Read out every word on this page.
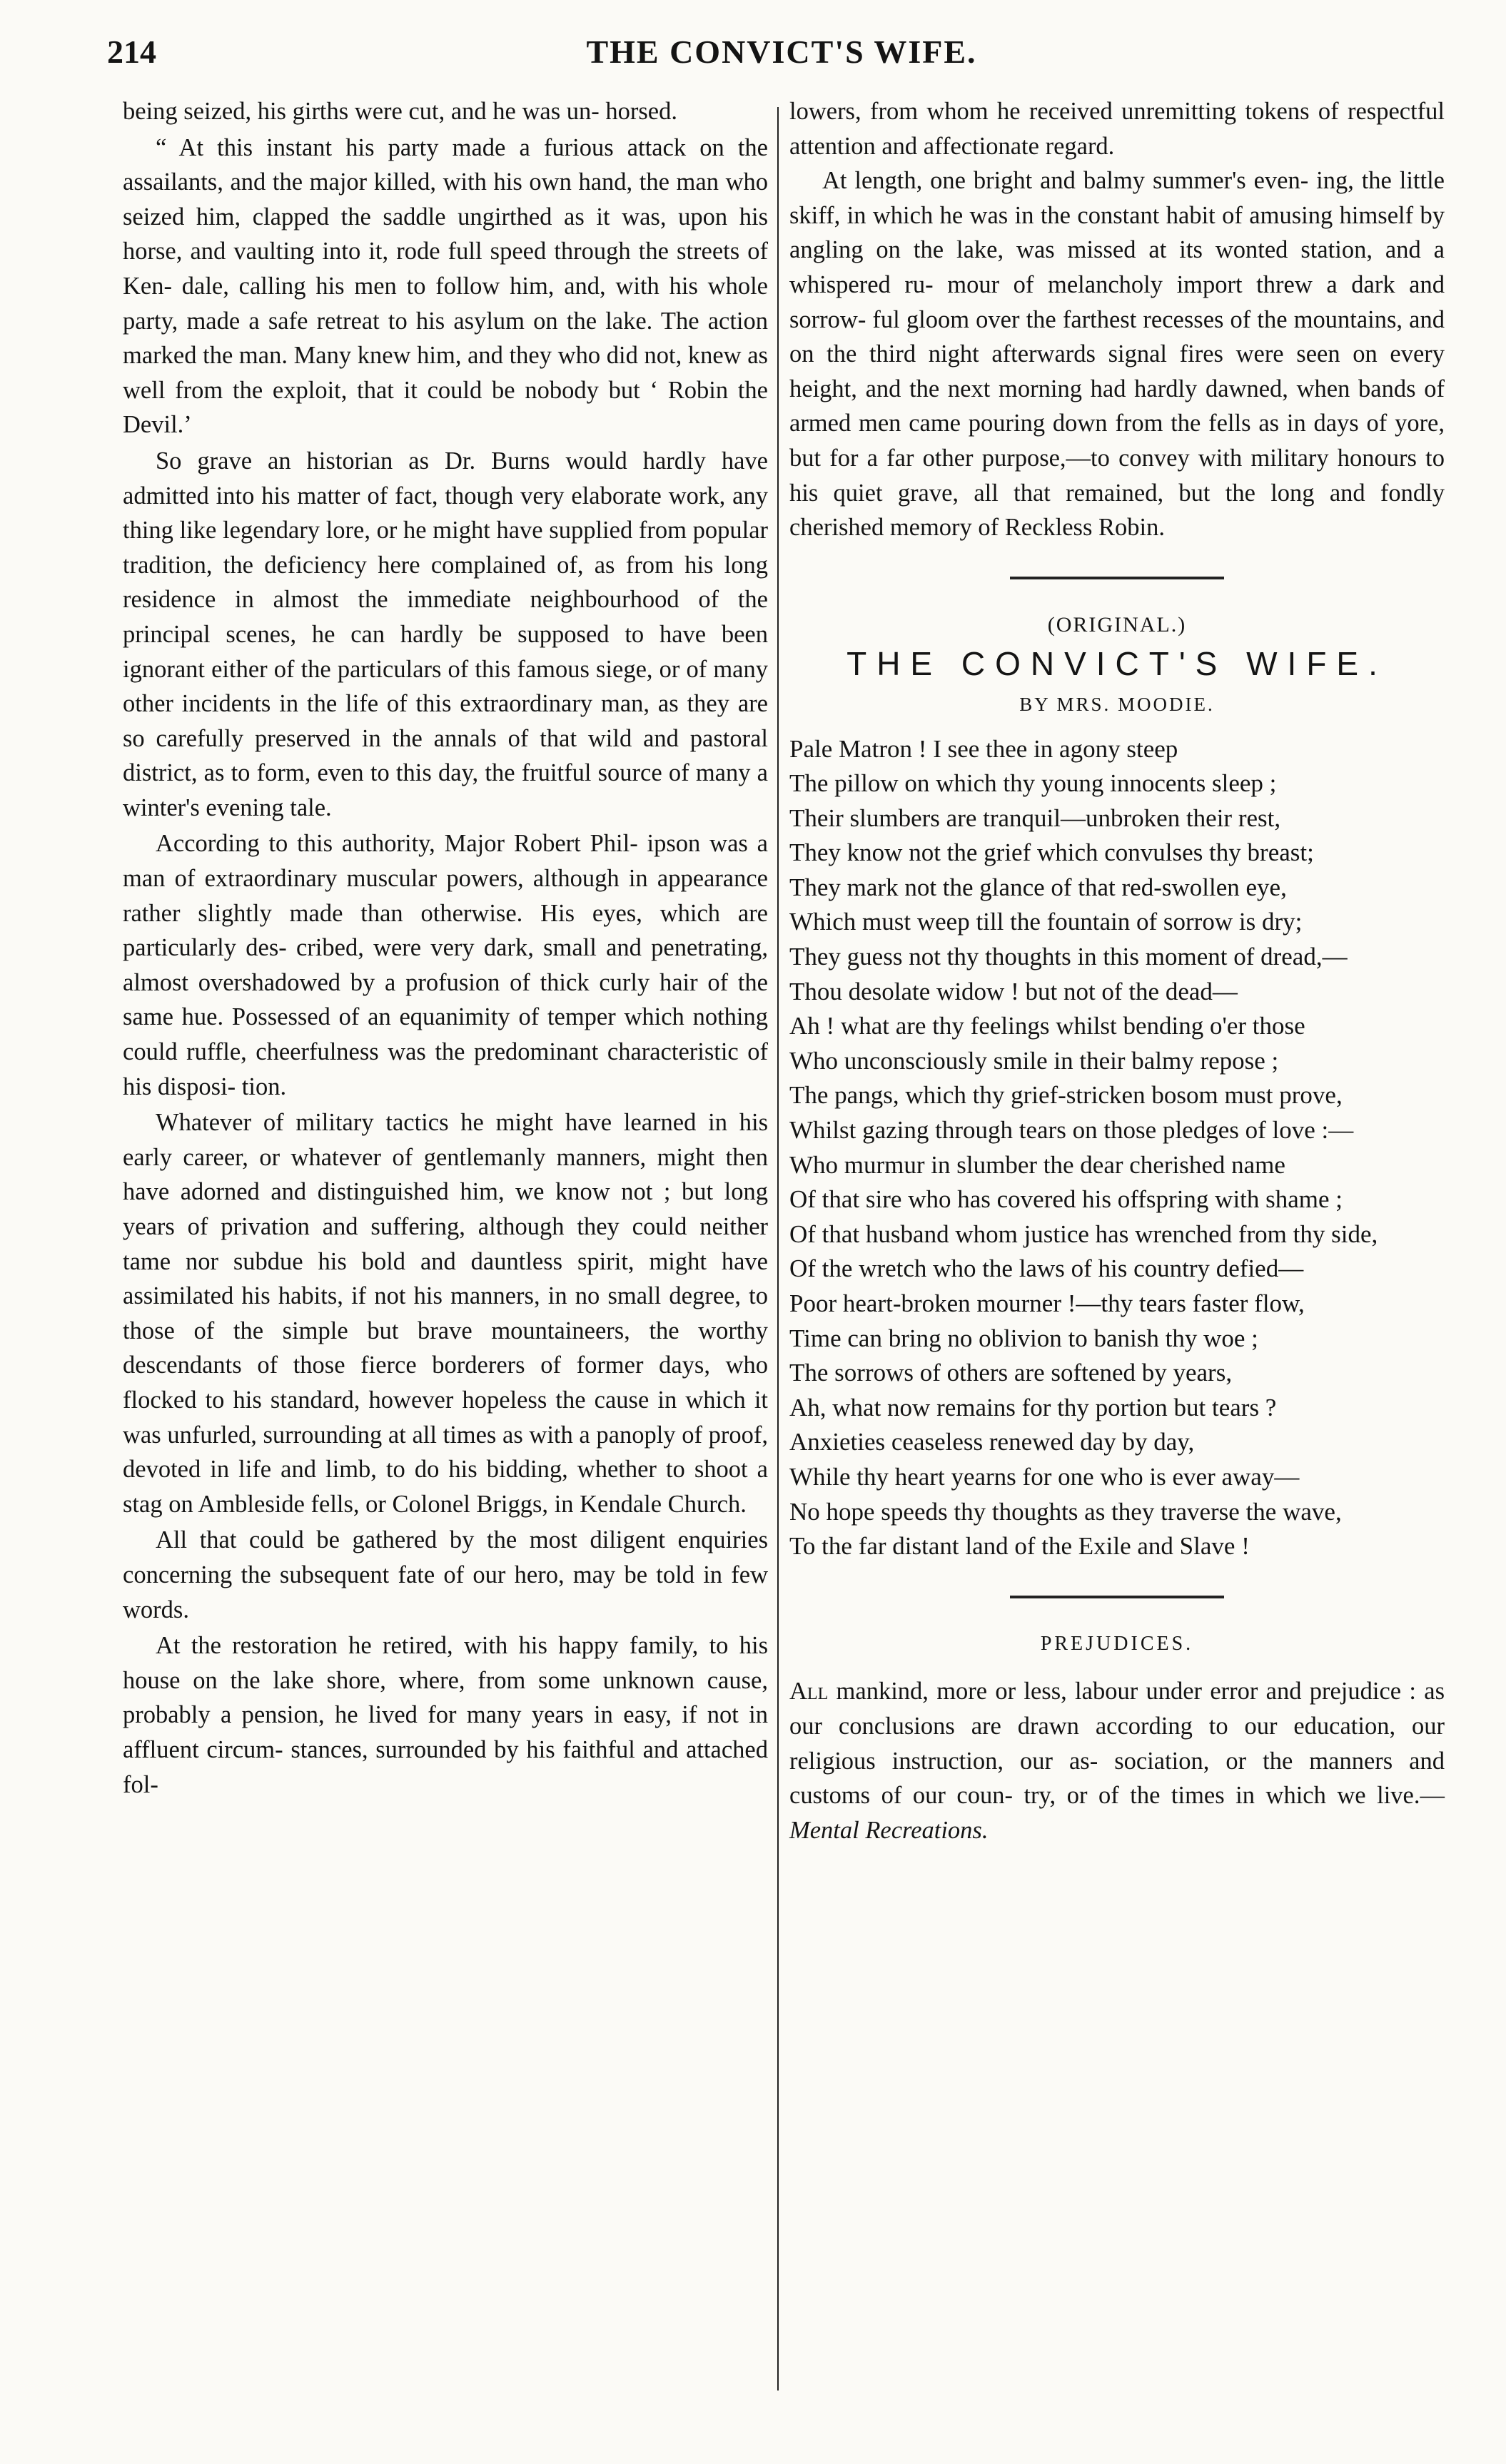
214	THE CONVICT'S WIFE.

being seized, his girths were cut, and he was un- horsed.

“ At this instant his party made a furious attack on the assailants, and the major killed, with his own hand, the man who seized him, clapped the saddle ungirthed as it was, upon his horse, and vaulting into it, rode full speed through the streets of Ken- dale, calling his men to follow him, and, with his whole party, made a safe retreat to his asylum on the lake. The action marked the man. Many knew him, and they who did not, knew as well from the exploit, that it could be nobody but ‘ Robin the Devil.’

So grave an historian as Dr. Burns would hardly have admitted into his matter of fact, though very elaborate work, any thing like legendary lore, or he might have supplied from popular tradition, the deficiency here complained of, as from his long residence in almost the immediate neighbourhood of the principal scenes, he can hardly be supposed to have been ignorant either of the particulars of this famous siege, or of many other incidents in the life of this extraordinary man, as they are so carefully preserved in the annals of that wild and pastoral district, as to form, even to this day, the fruitful source of many a winter's evening tale.

According to this authority, Major Robert Phil- ipson was a man of extraordinary muscular powers, although in appearance rather slightly made than otherwise. His eyes, which are particularly des- cribed, were very dark, small and penetrating, almost overshadowed by a profusion of thick curly hair of the same hue. Possessed of an equanimity of temper which nothing could ruffle, cheerfulness was the predominant characteristic of his disposi- tion.

Whatever of military tactics he might have learned in his early career, or whatever of gentlemanly manners, might then have adorned and distinguished him, we know not ; but long years of privation and suffering, although they could neither tame nor subdue his bold and dauntless spirit, might have assimilated his habits, if not his manners, in no small degree, to those of the simple but brave mountaineers, the worthy descendants of those fierce borderers of former days, who flocked to his standard, however hopeless the cause in which it was unfurled, surrounding at all times as with a panoply of proof, devoted in life and limb, to do his bidding, whether to shoot a stag on Ambleside fells, or Colonel Briggs, in Kendale Church.

All that could be gathered by the most diligent enquiries concerning the subsequent fate of our hero, may be told in few words.

At the restoration he retired, with his happy family, to his house on the lake shore, where, from some unknown cause, probably a pension, he lived for many years in easy, if not in affluent circum- stances, surrounded by his faithful and attached fol-

lowers, from whom he received unremitting tokens of respectful attention and affectionate regard.

At length, one bright and balmy summer's even- ing, the little skiff, in which he was in the constant habit of amusing himself by angling on the lake, was missed at its wonted station, and a whispered ru- mour of melancholy import threw a dark and sorrow- ful gloom over the farthest recesses of the mountains, and on the third night afterwards signal fires were seen on every height, and the next morning had hardly dawned, when bands of armed men came pouring down from the fells as in days of yore, but for a far other purpose,—to convey with military honours to his quiet grave, all that remained, but the long and fondly cherished memory of Reckless Robin.

(ORIGINAL.)
THE CONVICT'S WIFE.
BY MRS. MOODIE.
Pale Matron ! I see thee in agony steep
The pillow on which thy young innocents sleep ;
Their slumbers are tranquil—unbroken their rest,
They know not the grief which convulses thy breast;
They mark not the glance of that red-swollen eye,
Which must weep till the fountain of sorrow is dry;
They guess not thy thoughts in this moment of dread,—
Thou desolate widow ! but not of the dead—
Ah ! what are thy feelings whilst bending o'er those
Who unconsciously smile in their balmy repose ;
The pangs, which thy grief-stricken bosom must prove,
Whilst gazing through tears on those pledges of love :—
Who murmur in slumber the dear cherished name
Of that sire who has covered his offspring with shame ;
Of that husband whom justice has wrenched from thy side,
Of the wretch who the laws of his country defied—
Poor heart-broken mourner !—thy tears faster flow,
Time can bring no oblivion to banish thy woe ;
The sorrows of others are softened by years,
Ah, what now remains for thy portion but tears ?
Anxieties ceaseless renewed day by day,
While thy heart yearns for one who is ever away—
No hope speeds thy thoughts as they traverse the wave,
To the far distant land of the Exile and Slave !
PREJUDICES.

All mankind, more or less, labour under error and prejudice : as our conclusions are drawn according to our education, our religious instruction, our as- sociation, or the manners and customs of our coun- try, or of the times in which we live.—Mental Recreations.
